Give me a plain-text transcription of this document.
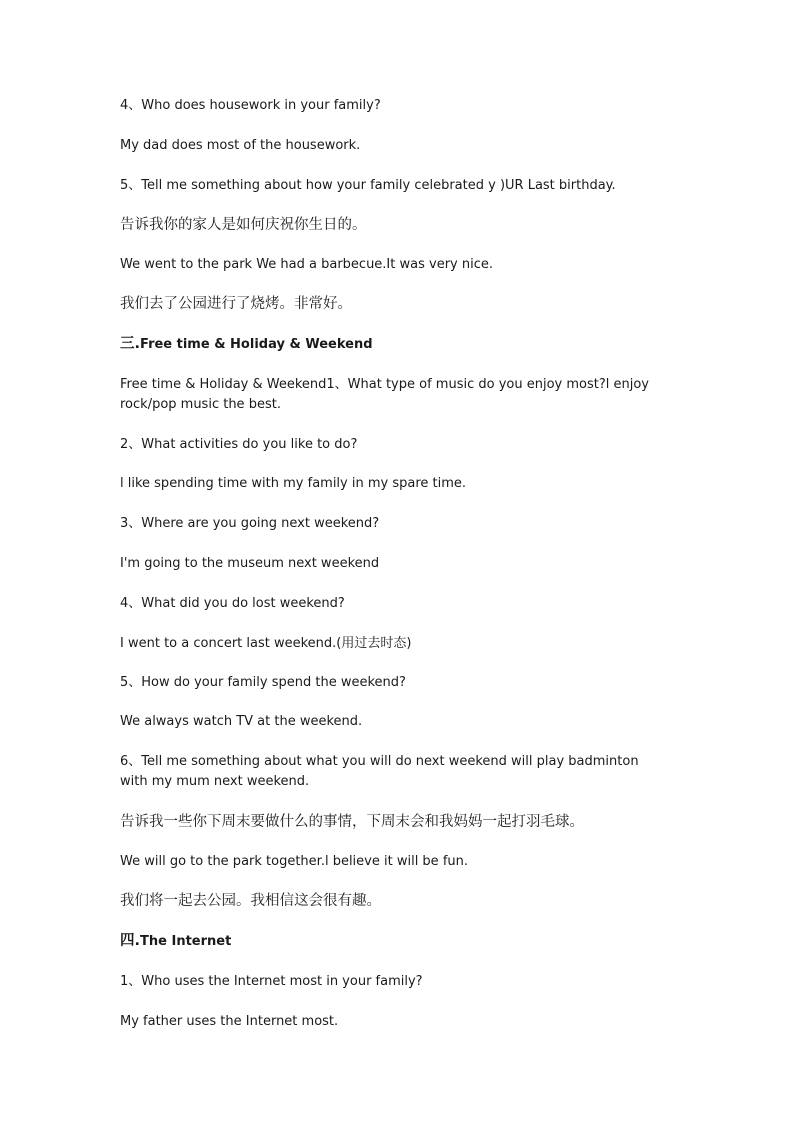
4、Who does housework in your family?
My dad does most of the housework.
5、Tell me something about how your family celebrated y )UR Last birthday.
告诉我你的家人是如何庆祝你生日的。
We went to the park We had a barbecue.It was very nice.
我们去了公园进行了烧烤。非常好。
三.Free time & Holiday & Weekend
Free time & Holiday & Weekend1、What type of music do you enjoy most?l enjoy rock/pop music the best.
2、What activities do you like to do?
l like spending time with my family in my spare time.
3、Where are you going next weekend?
I'm going to the museum next weekend
4、What did you do lost weekend?
I went to a concert last weekend.(用过去时态)
5、How do your family spend the weekend?
We always watch TV at the weekend.
6、Tell me something about what you will do next weekend will play badminton with my mum next weekend.
告诉我一些你下周末要做什么的事情，下周末会和我妈妈一起打羽毛球。
We will go to the park together.l believe it will be fun.
我们将一起去公园。我相信这会很有趣。
四.The Internet
1、Who uses the Internet most in your family?
My father uses the Internet most.
